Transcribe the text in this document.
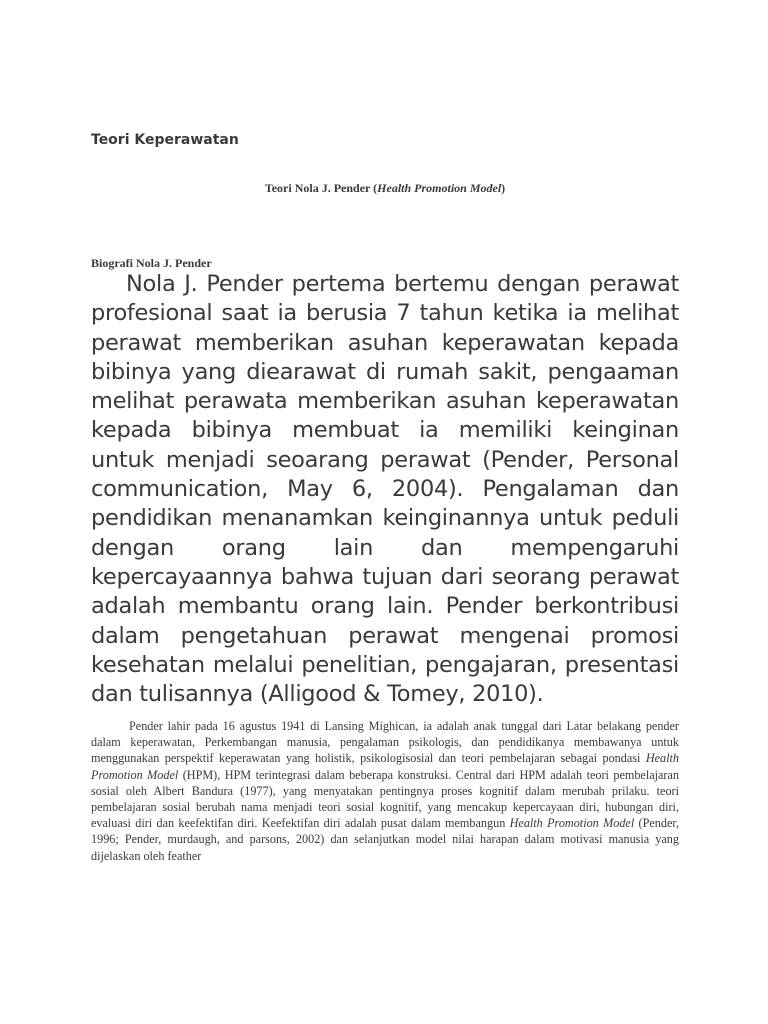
Teori Keperawatan
Teori Nola J. Pender (Health Promotion Model)
Biografi Nola J. Pender

Nola J. Pender pertema bertemu dengan perawat profesional saat ia berusia 7 tahun ketika ia melihat perawat memberikan asuhan keperawatan kepada bibinya yang diearawat di rumah sakit, pengaaman melihat perawata memberikan asuhan keperawatan kepada bibinya membuat ia memiliki keinginan untuk menjadi seoarang perawat (Pender, Personal communication, May 6, 2004). Pengalaman dan pendidikan menanamkan keinginannya untuk peduli dengan orang lain dan mempengaruhi kepercayaannya bahwa tujuan dari seorang perawat adalah membantu orang lain. Pender berkontribusi dalam pengetahuan perawat mengenai promosi kesehatan melalui penelitian, pengajaran, presentasi dan tulisannya (Alligood & Tomey, 2010).

Pender lahir pada 16 agustus 1941 di Lansing Mighican, ia adalah anak tunggal dari Latar belakang pender dalam keperawatan, Perkembangan manusia, pengalaman psikologis, dan pendidikanya membawanya untuk menggunakan perspektif keperawatan yang holistik, psikologisosial dan teori pembelajaran sebagai pondasi Health Promotion Model (HPM), HPM terintegrasi dalam beberapa konstruksi. Central dari HPM adalah teori pembelajaran sosial oleh Albert Bandura (1977), yang menyatakan pentingnya proses kognitif dalam merubah prilaku. teori pembelajaran sosial berubah nama menjadi teori sosial kognitif, yang mencakup kepercayaan diri, hubungan diri, evaluasi diri dan keefektifan diri. Keefektifan diri adalah pusat dalam membangun Health Promotion Model (Pender, 1996; Pender, murdaugh, and parsons, 2002) dan selanjutkan model nilai harapan dalam motivasi manusia yang dijelaskan oleh feather
